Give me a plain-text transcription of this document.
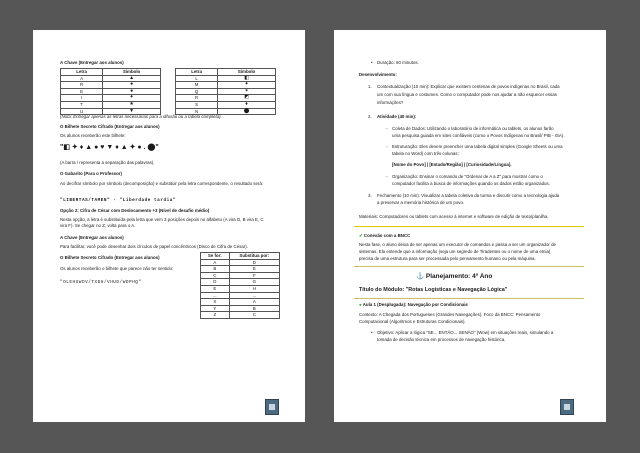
A Chave (Entregar aos alunos)
Letra	Símbolo		Letra	Símbolo
A	▲		L	◧
R	●		M	✦
E	●		Q	✶
I	✦		R	◩
T	★		S	♦
U	▼		N	⬤
(Nota: Entregar apenas as letras necessárias para a difusão ou a tabela completa).
O Bilhete Secreto Cifrado (Entregar aos alunos)
Os alunos receberão este bilhete:
"◧ ✦ ♦ ▲ ● ♥ ▼ ♦ ▲ ✦ ● . ⬤"
(A barra / representa a separação das palavras).
O Gabarito (Para o Professor)
Ao decifrar símbolo por símbolo (decomposição) e substituir pela letra correspondente, o resultado será:
"LIBERTAS/TAMEN" - "Liberdade tardia"
Opção 2: Cifra de César com Deslocamento +3 (Nível de desafio médio)
Nesta opção, a letra é substituída pela letra que vem 3 posições depois no alfabeto (A vira D, B vira E, C
vira F). Se chegar no Z, volta para o A.
A Chave (Entregar aos alunos)
Para facilitar, você pode desenhar dois círculos de papel concêntricos (Disco de Cifra de César).
O Bilhete Secreto Cifrado (Entregar aos alunos)
Os alunos receberão o bilhete que parece não ter sentido:
"OLEHUWDV/TXDH/VHUD/WDPHQ"
Se for:	Substitua por:
A	D
B	E
C	F
D	G
E	H
...	...
X	A
Y	B
Z	C
• Duração: 60 minutos.
Desenvolvimento:
1. Contextualização (10 min): Explicar que existem centenas de povos indígenas no Brasil, cada
um com sua língua e costumes. Como o computador pode nos ajudar a não esquecer essas
informações?
2. Atividade (40 min):
◦ Coleta de Dados: Utilizando o laboratório de informática ou tablets, os alunos farão
uma pesquisa guiada em sites confiáveis (como o Povos Indígenas no Brasil/ PIB - ISA).
◦ Estruturação: Eles devem preencher uma tabela digital simples (Google Sheets ou uma
tabela no Word) com três colunas:
[Nome do Povo] | [Estado/Região] | [Curiosidade/Língua].
◦ Organização: Ensinar o comando de "Ordenar de A a Z" para mostrar como o
computador facilita a busca de informações quando os dados estão organizados.
3. Fechamento (10 min): Visualizar a tabela coletiva da turma e discutir como a tecnologia ajuda
a preservar a memória histórica de um povo.
Materiais: Computadores ou tablets com acesso à internet e software de edição de texto/planilha.
✔ Conexão com a BNCC
Nesta fase, o aluno deixa de ser apenas um executor de comandos e passa a ser um organizador de
sistemas. Ela entende que a informação (seja um segredo de Tiradentes ou o nome de uma etnia)
precisa de uma estrutura para ser processada pelo pensamento humano ou pela máquina.
⚓ Planejamento: 4º Ano
Título do Módulo: "Rotas Logísticas e Navegação Lógica"
● Aula 1 (Desplugada): Navegação por Condicionais
Contexto: A Chegada dos Portugueses (Grandes Navegações). Foco da BNCC: Pensamento
Computacional (Algoritmos e Estruturas Condicionais).
• Objetivo: Aplicar a lógica "SE... ENTÃO... SENÃO" (Wow) em situações reais, simulando a
tomada de decisão técnica em processos de navegação histórica.
